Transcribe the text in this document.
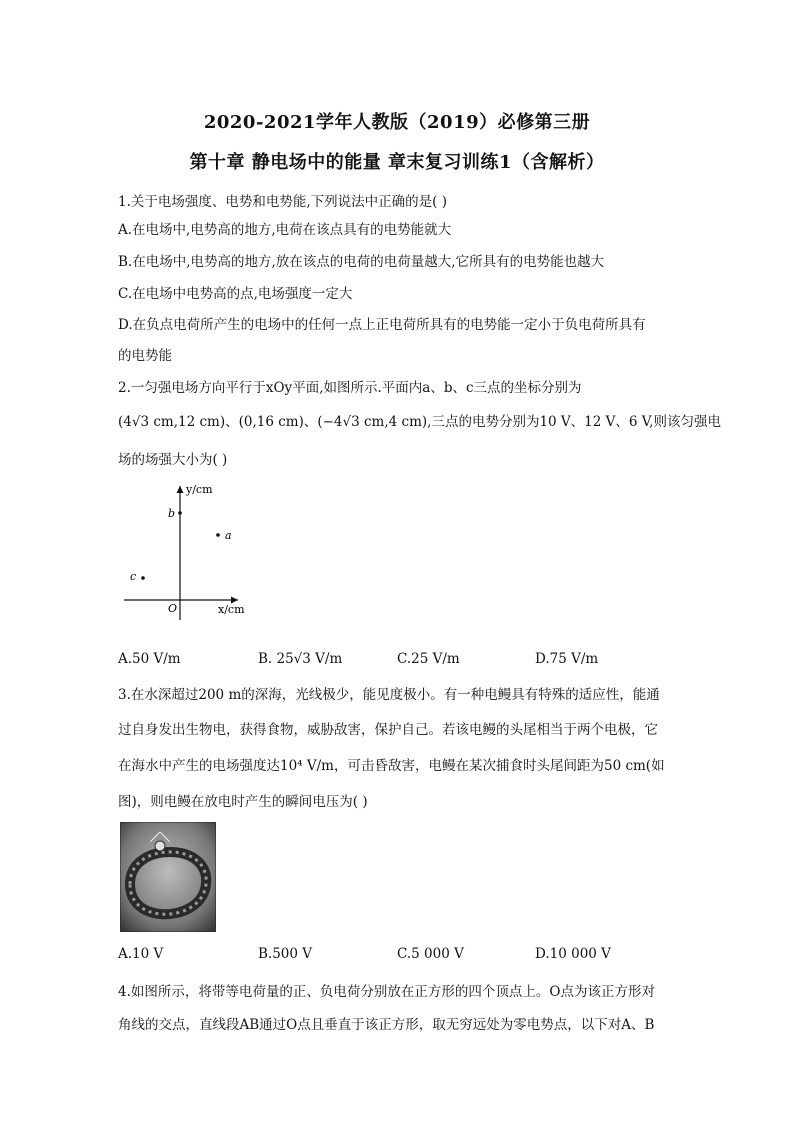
2020-2021学年人教版（2019）必修第三册
第十章 静电场中的能量 章末复习训练1（含解析）
1.关于电场强度、电势和电势能,下列说法中正确的是( )
A.在电场中,电势高的地方,电荷在该点具有的电势能就大
B.在电场中,电势高的地方,放在该点的电荷的电荷量越大,它所具有的电势能也越大
C.在电场中电势高的点,电场强度一定大
D.在负点电荷所产生的电场中的任何一点上正电荷所具有的电势能一定小于负电荷所具有
的电势能
2.一匀强电场方向平行于xOy平面,如图所示.平面内a、b、c三点的坐标分别为
(4√3 cm,12 cm)、(0,16 cm)、(−4√3 cm,4 cm),三点的电势分别为10 V、12 V、6 V,则该匀强电
场的场强大小为( )
y/cm
x/cm
O
b
a
c
A.50 V/m	B. 25√3 V/m	C.25 V/m	D.75 V/m
3.在水深超过200 m的深海，光线极少，能见度极小。有一种电鳗具有特殊的适应性，能通
过自身发出生物电，获得食物，威胁敌害，保护自己。若该电鳗的头尾相当于两个电极，它
在海水中产生的电场强度达10⁴ V/m，可击昏敌害，电鳗在某次捕食时头尾间距为50 cm(如
图)，则电鳗在放电时产生的瞬间电压为( )
A.10 V	B.500 V	C.5 000 V	D.10 000 V
4.如图所示，将带等电荷量的正、负电荷分别放在正方形的四个顶点上。O点为该正方形对
角线的交点，直线段AB通过O点且垂直于该正方形，取无穷远处为零电势点，以下对A、B
